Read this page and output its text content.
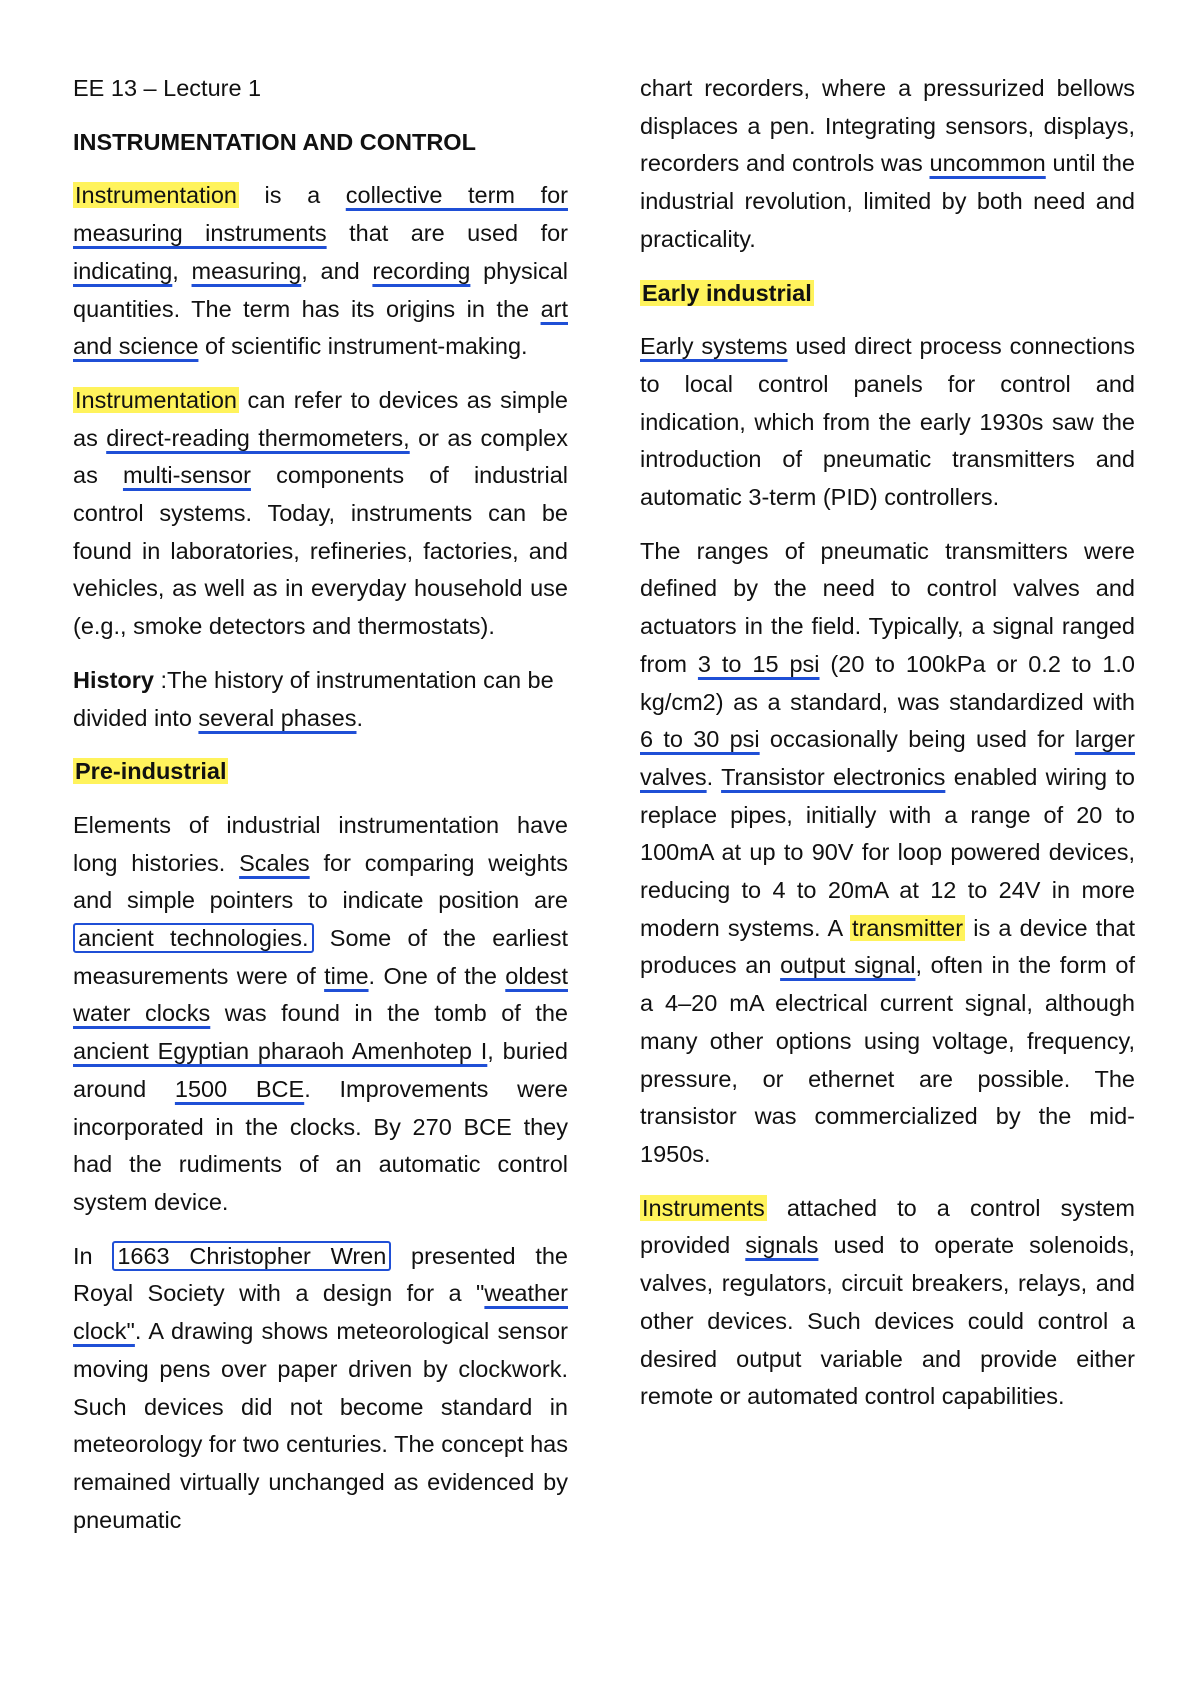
EE 13 – Lecture 1

INSTRUMENTATION AND CONTROL

Instrumentation is a collective term for measuring instruments that are used for indicating, measuring, and recording physical quantities. The term has its origins in the art and science of scientific instrument-making.

Instrumentation can refer to devices as simple as direct-reading thermometers, or as complex as multi-sensor components of industrial control systems. Today, instruments can be found in laboratories, refineries, factories, and vehicles, as well as in everyday household use (e.g., smoke detectors and thermostats).

History :The history of instrumentation can be divided into several phases.

Pre-industrial

Elements of industrial instrumentation have long histories. Scales for comparing weights and simple pointers to indicate position are ancient technologies. Some of the earliest measurements were of time. One of the oldest water clocks was found in the tomb of the ancient Egyptian pharaoh Amenhotep I, buried around 1500 BCE. Improvements were incorporated in the clocks. By 270 BCE they had the rudiments of an automatic control system device.

In 1663 Christopher Wren presented the Royal Society with a design for a "weather clock". A drawing shows meteorological sensor moving pens over paper driven by clockwork. Such devices did not become standard in meteorology for two centuries. The concept has remained virtually unchanged as evidenced by pneumatic

chart recorders, where a pressurized bellows displaces a pen. Integrating sensors, displays, recorders and controls was uncommon until the industrial revolution, limited by both need and practicality.

Early industrial

Early systems used direct process connections to local control panels for control and indication, which from the early 1930s saw the introduction of pneumatic transmitters and automatic 3-term (PID) controllers.

The ranges of pneumatic transmitters were defined by the need to control valves and actuators in the field. Typically, a signal ranged from 3 to 15 psi (20 to 100kPa or 0.2 to 1.0 kg/cm2) as a standard, was standardized with 6 to 30 psi occasionally being used for larger valves. Transistor electronics enabled wiring to replace pipes, initially with a range of 20 to 100mA at up to 90V for loop powered devices, reducing to 4 to 20mA at 12 to 24V in more modern systems. A transmitter is a device that produces an output signal, often in the form of a 4–20 mA electrical current signal, although many other options using voltage, frequency, pressure, or ethernet are possible. The transistor was commercialized by the mid-1950s.

Instruments attached to a control system provided signals used to operate solenoids, valves, regulators, circuit breakers, relays, and other devices. Such devices could control a desired output variable and provide either remote or automated control capabilities.
